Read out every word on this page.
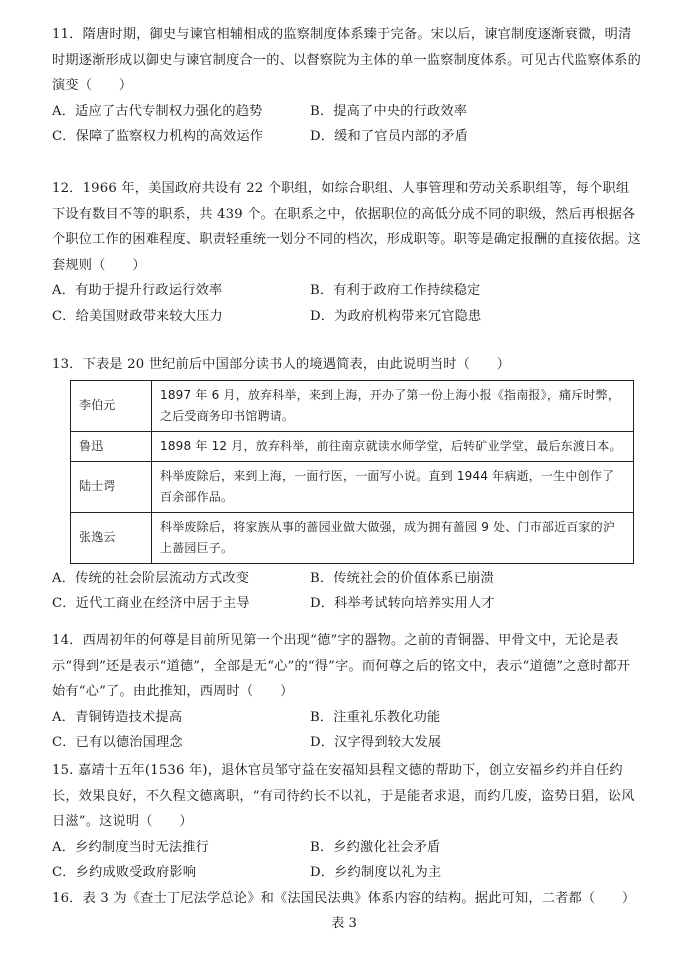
11．隋唐时期，御史与谏官相辅相成的监察制度体系臻于完备。宋以后，谏官制度逐渐衰微，明清时期逐渐形成以御史与谏官制度合一的、以督察院为主体的单一监察制度体系。可见古代监察体系的演变（　　）

A．适应了古代专制权力强化的趋势	B．提高了中央的行政效率
C．保障了监察权力机构的高效运作	D．缓和了官员内部的矛盾

12．1966 年，美国政府共设有 22 个职组，如综合职组、人事管理和劳动关系职组等，每个职组下设有数目不等的职系，共 439 个。在职系之中，依据职位的高低分成不同的职级，然后再根据各个职位工作的困难程度、职责轻重统一划分不同的档次，形成职等。职等是确定报酬的直接依据。这套规则（　　）

A．有助于提升行政运行效率	B．有利于政府工作持续稳定
C．给美国财政带来较大压力	D．为政府机构带来冗官隐患

13．下表是 20 世纪前后中国部分读书人的境遇简表，由此说明当时（　　）

李伯元	1897 年 6 月，放弃科举，来到上海，开办了第一份上海小报《指南报》，痛斥时弊，之后受商务印书馆聘请。
鲁迅	1898 年 12 月，放弃科举，前往南京就读水师学堂，后转矿业学堂，最后东渡日本。
陆士谔	科举废除后，来到上海，一面行医，一面写小说。直到 1944 年病逝，一生中创作了百余部作品。
张逸云	科举废除后，将家族从事的蔷园业做大做强，成为拥有蔷园 9 处、门市部近百家的沪上蔷园巨子。
A．传统的社会阶层流动方式改变	B．传统社会的价值体系已崩溃
C．近代工商业在经济中居于主导	D．科举考试转向培养实用人才

14．西周初年的何尊是目前所见第一个出现“德”字的器物。之前的青铜器、甲骨文中，无论是表示“得到”还是表示“道德”，全部是无“心”的“得”字。而何尊之后的铭文中，表示“道德”之意时都开始有“心”了。由此推知，西周时（　　）

A．青铜铸造技术提高	B．注重礼乐教化功能
C．已有以德治国理念	D．汉字得到较大发展

15. 嘉靖十五年(1536 年)，退休官员邹守益在安福知县程文德的帮助下，创立安福乡约并自任约长，效果良好，不久程文德离职，“有司待约长不以礼，于是能者求退，而约几废，盗势日猖，讼风日滋”。这说明（　　）

A．乡约制度当时无法推行	B．乡约激化社会矛盾
C．乡约成败受政府影响	D．乡约制度以礼为主

16．表 3 为《查士丁尼法学总论》和《法国民法典》体系内容的结构。据此可知，二者都（　　）

表 3
